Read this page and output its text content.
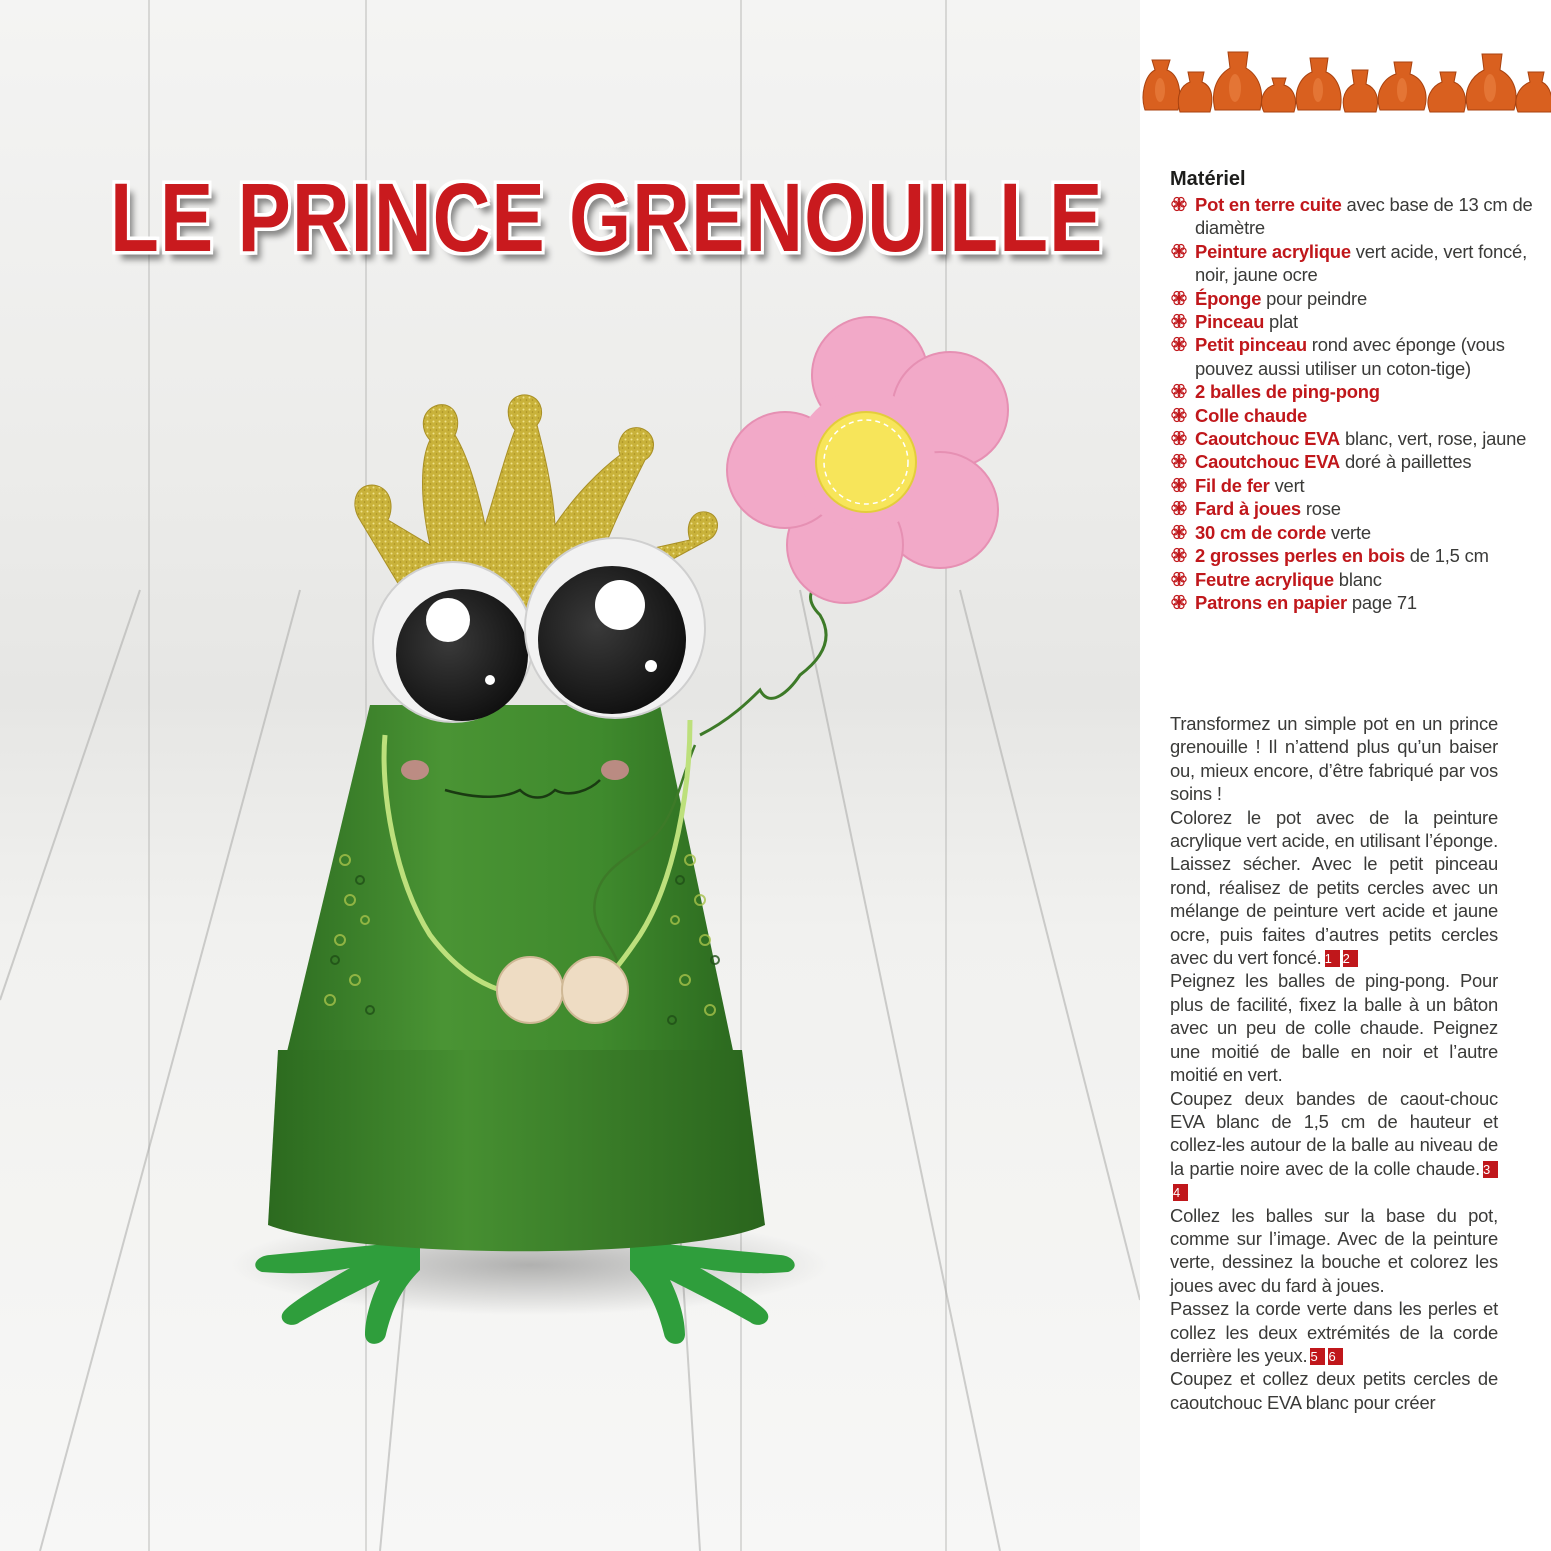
LE PRINCE GRENOUILLE	Matériel
Pot en terre cuite avec base de 13 cm de diamètre
Peinture acrylique vert acide, vert foncé, noir, jaune ocre
Éponge pour peindre
Pinceau plat
Petit pinceau rond avec éponge (vous pouvez aussi utiliser un coton-tige)
2 balles de ping-pong
Colle chaude
Caoutchouc EVA blanc, vert, rose, jaune
Caoutchouc EVA doré à paillettes
Fil de fer vert
Fard à joues rose
30 cm de corde verte
2 grosses perles en bois de 1,5 cm
Feutre acrylique blanc
Patrons en papier page 71

Transformez un simple pot en un prince grenouille ! Il n’attend plus qu’un baiser ou, mieux encore, d’être fabriqué par vos soins !

Colorez le pot avec de la peinture acrylique vert acide, en utilisant l’éponge. Laissez sécher. Avec le petit pinceau rond, réalisez de petits cercles avec un mélange de peinture vert acide et jaune ocre, puis faites d’autres petits cercles avec du vert foncé. 1 2

Peignez les balles de ping-pong. Pour plus de facilité, fixez la balle à un bâton avec un peu de colle chaude. Peignez une moitié de balle en noir et l’autre moitié en vert.

Coupez deux bandes de caout-chouc EVA blanc de 1,5 cm de hauteur et collez-les autour de la balle au niveau de la partie noire avec de la colle chaude. 34

Collez les balles sur la base du pot, comme sur l’image. Avec de la peinture verte, dessinez la bouche et colorez les joues avec du fard à joues.

Passez la corde verte dans les perles et collez les deux extrémités de la corde derrière les yeux. 5 6

Coupez et collez deux petits cercles de caoutchouc EVA blanc pour créer
